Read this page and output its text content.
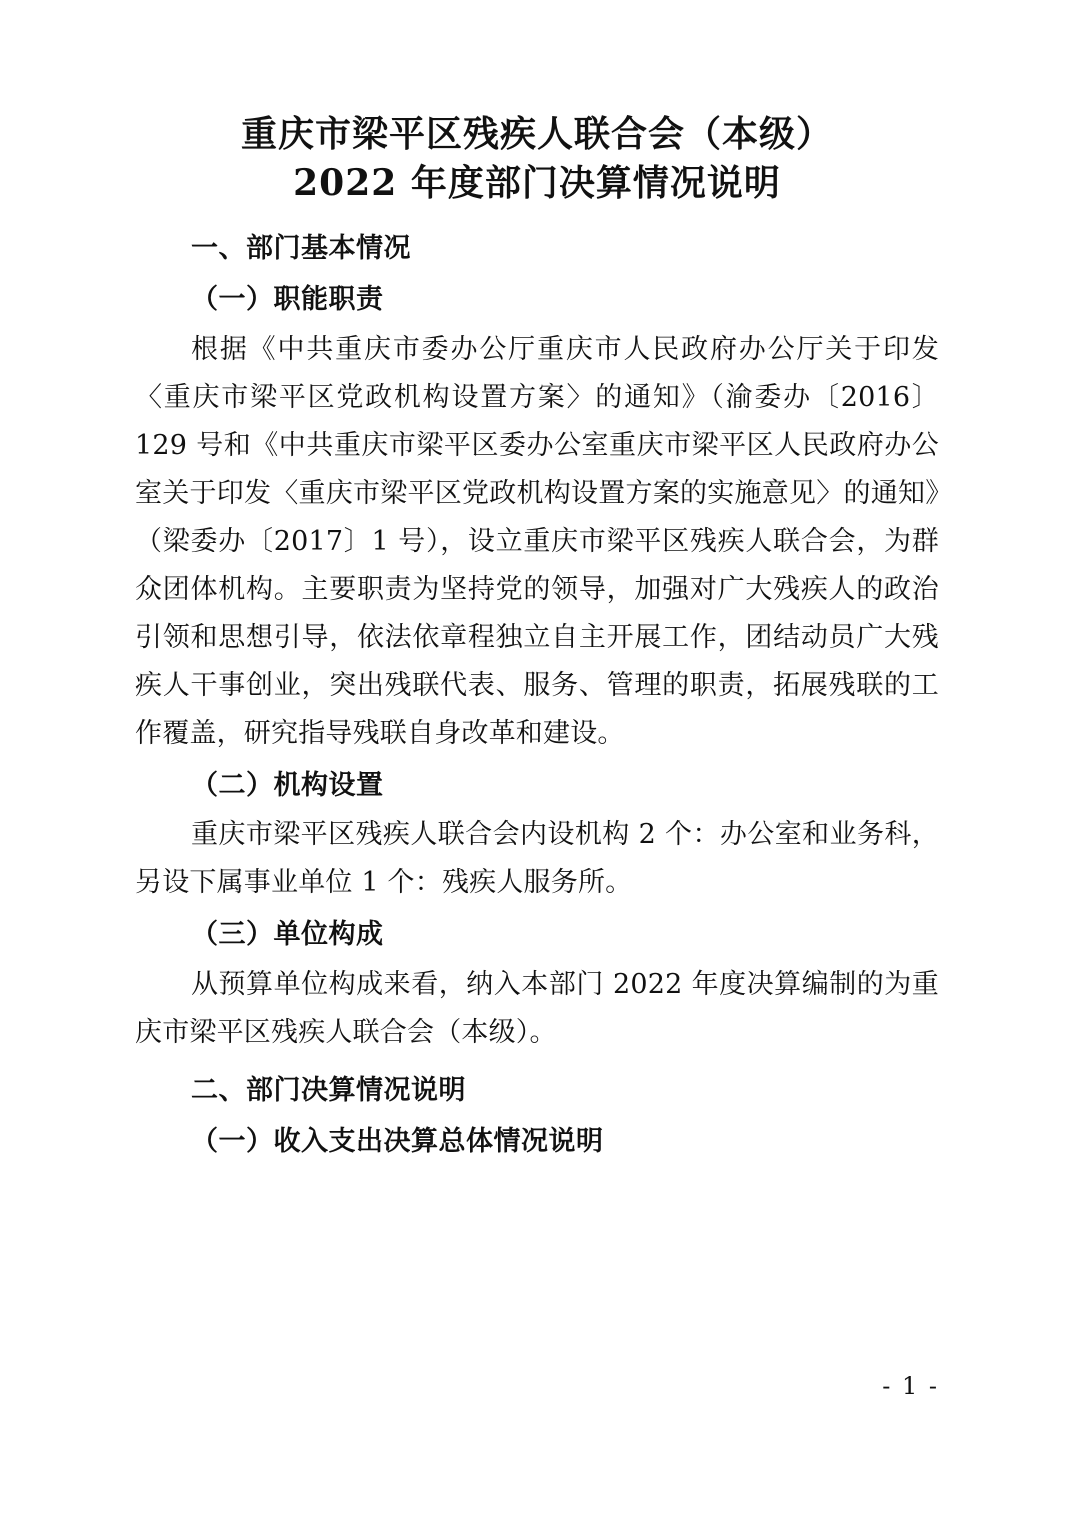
重庆市梁平区残疾人联合会（本级）
2022 年度部门决算情况说明
一、部门基本情况
（一）职能职责

根据《中共重庆市委办公厅重庆市人民政府办公厅关于印发〈重庆市梁平区党政机构设置方案〉的通知》（渝委办〔2016〕129 号和《中共重庆市梁平区委办公室重庆市梁平区人民政府办公室关于印发〈重庆市梁平区党政机构设置方案的实施意见〉的通知》（梁委办〔2017〕1 号），设立重庆市梁平区残疾人联合会，为群众团体机构。主要职责为坚持党的领导，加强对广大残疾人的政治引领和思想引导，依法依章程独立自主开展工作，团结动员广大残疾人干事创业，突出残联代表、服务、管理的职责，拓展残联的工作覆盖，研究指导残联自身改革和建设。

（二）机构设置

重庆市梁平区残疾人联合会内设机构 2 个：办公室和业务科，另设下属事业单位 1 个：残疾人服务所。

（三）单位构成

从预算单位构成来看，纳入本部门 2022 年度决算编制的为重庆市梁平区残疾人联合会（本级）。

二、部门决算情况说明
（一）收入支出决算总体情况说明
- 1 -
